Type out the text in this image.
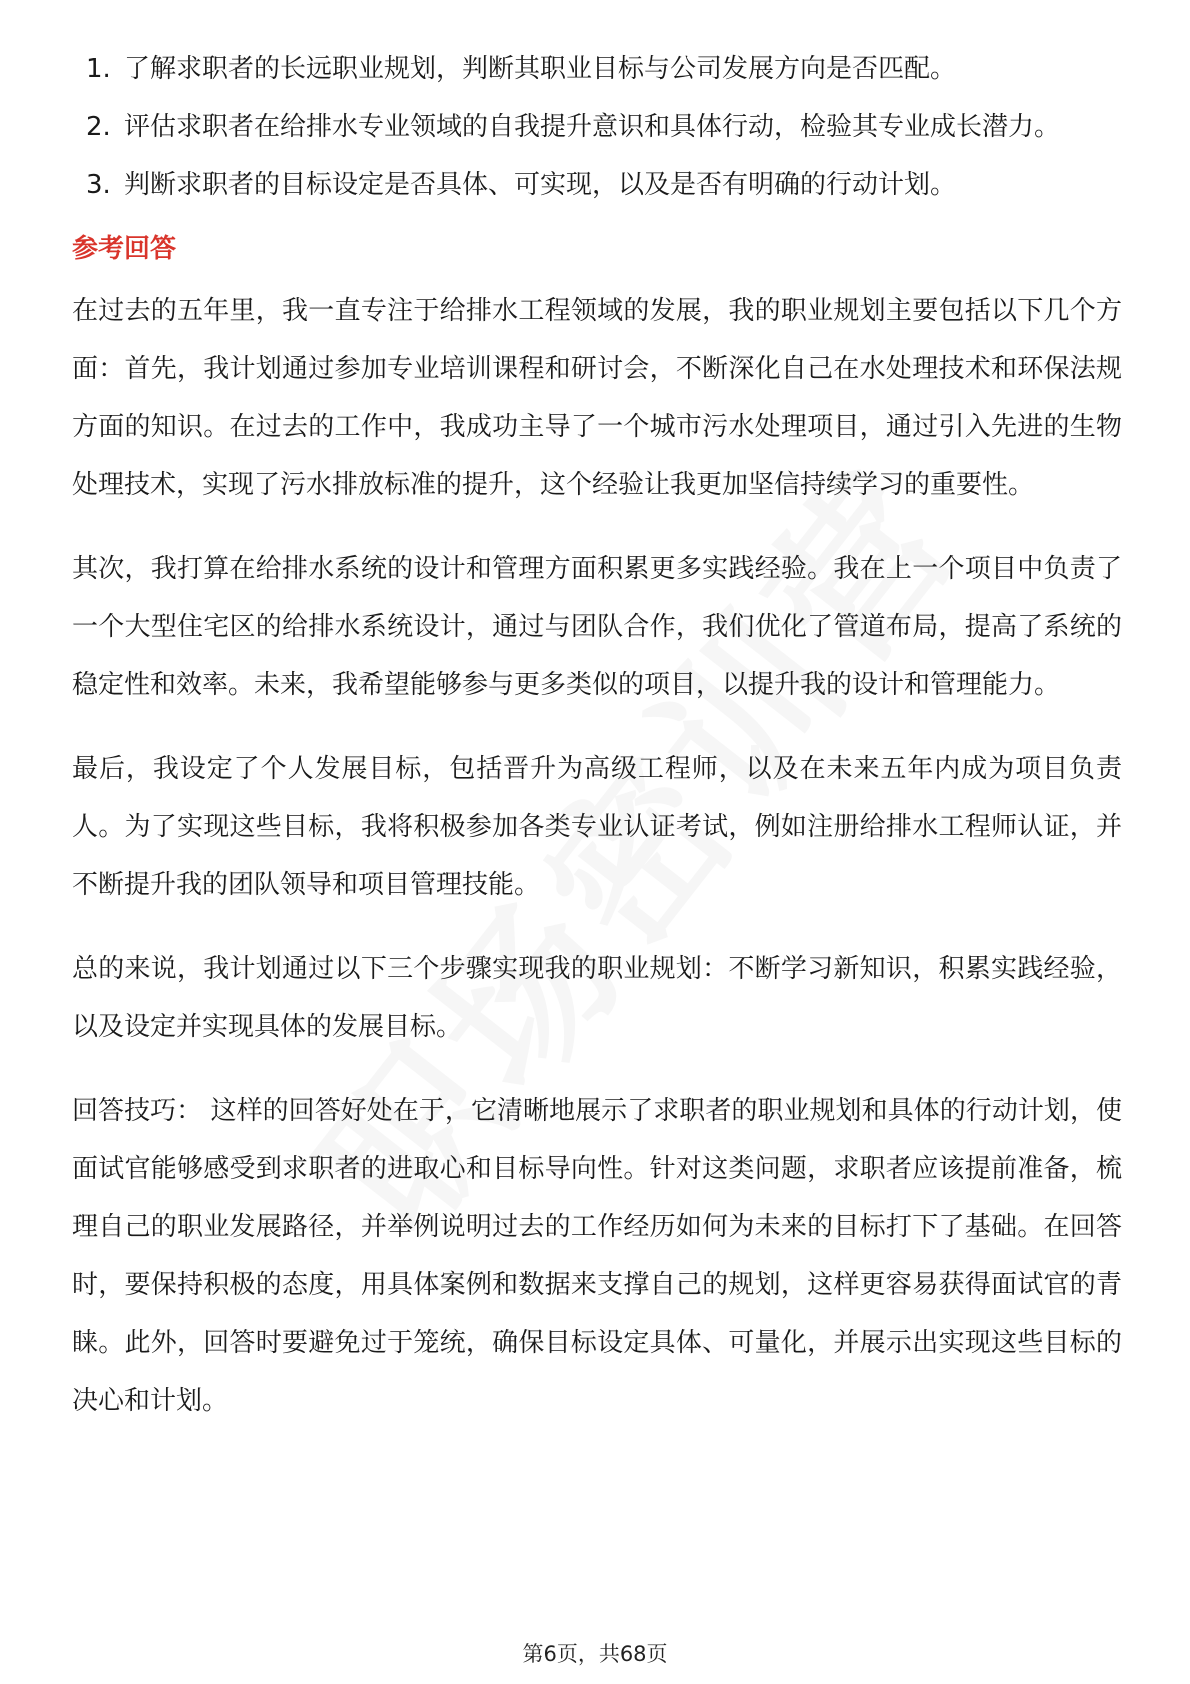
1. 了解求职者的长远职业规划，判断其职业目标与公司发展方向是否匹配。
2. 评估求职者在给排水专业领域的自我提升意识和具体行动，检验其专业成长潜力。
3. 判断求职者的目标设定是否具体、可实现，以及是否有明确的行动计划。
参考回答

在过去的五年里，我一直专注于给排水工程领域的发展，我的职业规划主要包括以下几个方面：首先，我计划通过参加专业培训课程和研讨会，不断深化自己在水处理技术和环保法规方面的知识。在过去的工作中，我成功主导了一个城市污水处理项目，通过引入先进的生物处理技术，实现了污水排放标准的提升，这个经验让我更加坚信持续学习的重要性。

其次，我打算在给排水系统的设计和管理方面积累更多实践经验。我在上一个项目中负责了一个大型住宅区的给排水系统设计，通过与团队合作，我们优化了管道布局，提高了系统的稳定性和效率。未来，我希望能够参与更多类似的项目，以提升我的设计和管理能力。

最后，我设定了个人发展目标，包括晋升为高级工程师，以及在未来五年内成为项目负责人。为了实现这些目标，我将积极参加各类专业认证考试，例如注册给排水工程师认证，并不断提升我的团队领导和项目管理技能。

总的来说，我计划通过以下三个步骤实现我的职业规划：不断学习新知识，积累实践经验，以及设定并实现具体的发展目标。

回答技巧： 这样的回答好处在于，它清晰地展示了求职者的职业规划和具体的行动计划，使面试官能够感受到求职者的进取心和目标导向性。针对这类问题，求职者应该提前准备，梳理自己的职业发展路径，并举例说明过去的工作经历如何为未来的目标打下了基础。在回答时，要保持积极的态度，用具体案例和数据来支撑自己的规划，这样更容易获得面试官的青睐。此外，回答时要避免过于笼统，确保目标设定具体、可量化，并展示出实现这些目标的决心和计划。

第6页，共68页
